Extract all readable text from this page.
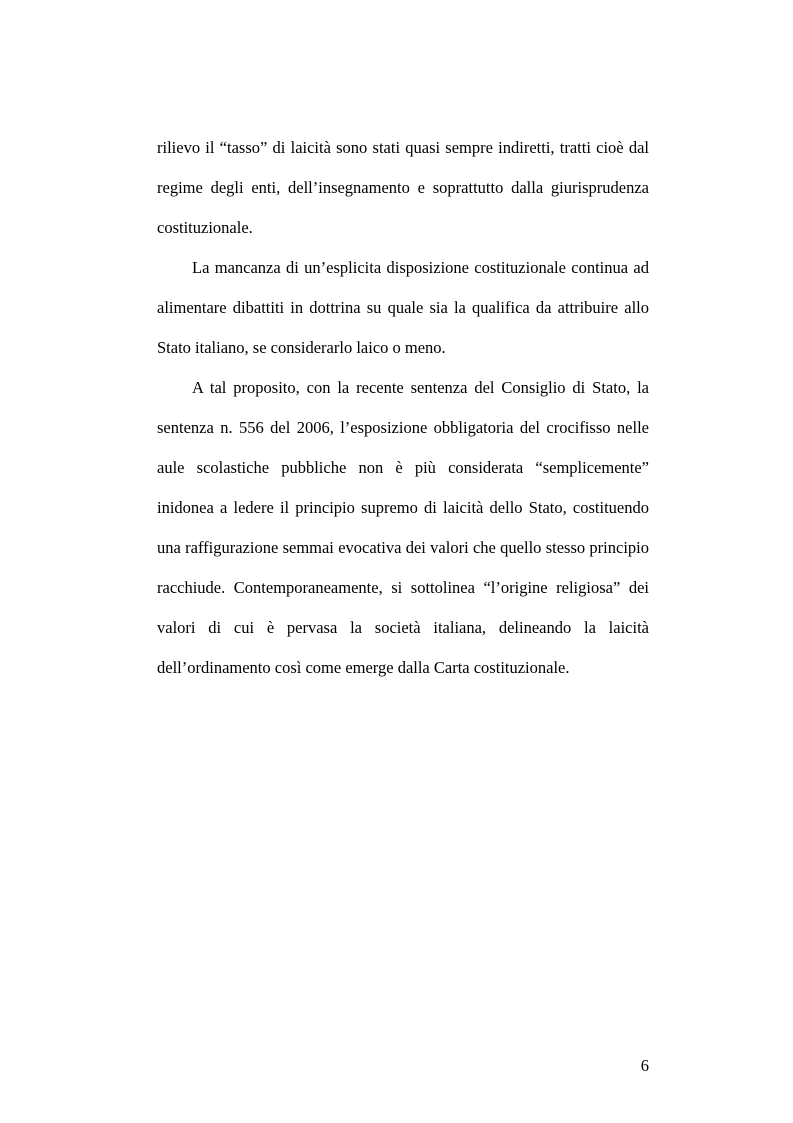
rilievo il “tasso” di laicità sono stati quasi sempre indiretti, tratti cioè dal regime degli enti, dell’insegnamento e soprattutto dalla giurisprudenza costituzionale.

La mancanza di un’esplicita disposizione costituzionale continua ad alimentare dibattiti in dottrina su quale sia la qualifica da attribuire allo Stato italiano, se considerarlo laico o meno.

A tal proposito, con la recente sentenza del Consiglio di Stato, la sentenza n. 556 del 2006, l’esposizione obbligatoria del crocifisso nelle aule scolastiche pubbliche non è più considerata “semplicemente” inidonea a ledere il principio supremo di laicità dello Stato, costituendo una raffigurazione semmai evocativa dei valori che quello stesso principio racchiude. Contemporaneamente, si sottolinea “l’origine religiosa” dei valori di cui è pervasa la società italiana, delineando la laicità dell’ordinamento così come emerge dalla Carta costituzionale.

6
